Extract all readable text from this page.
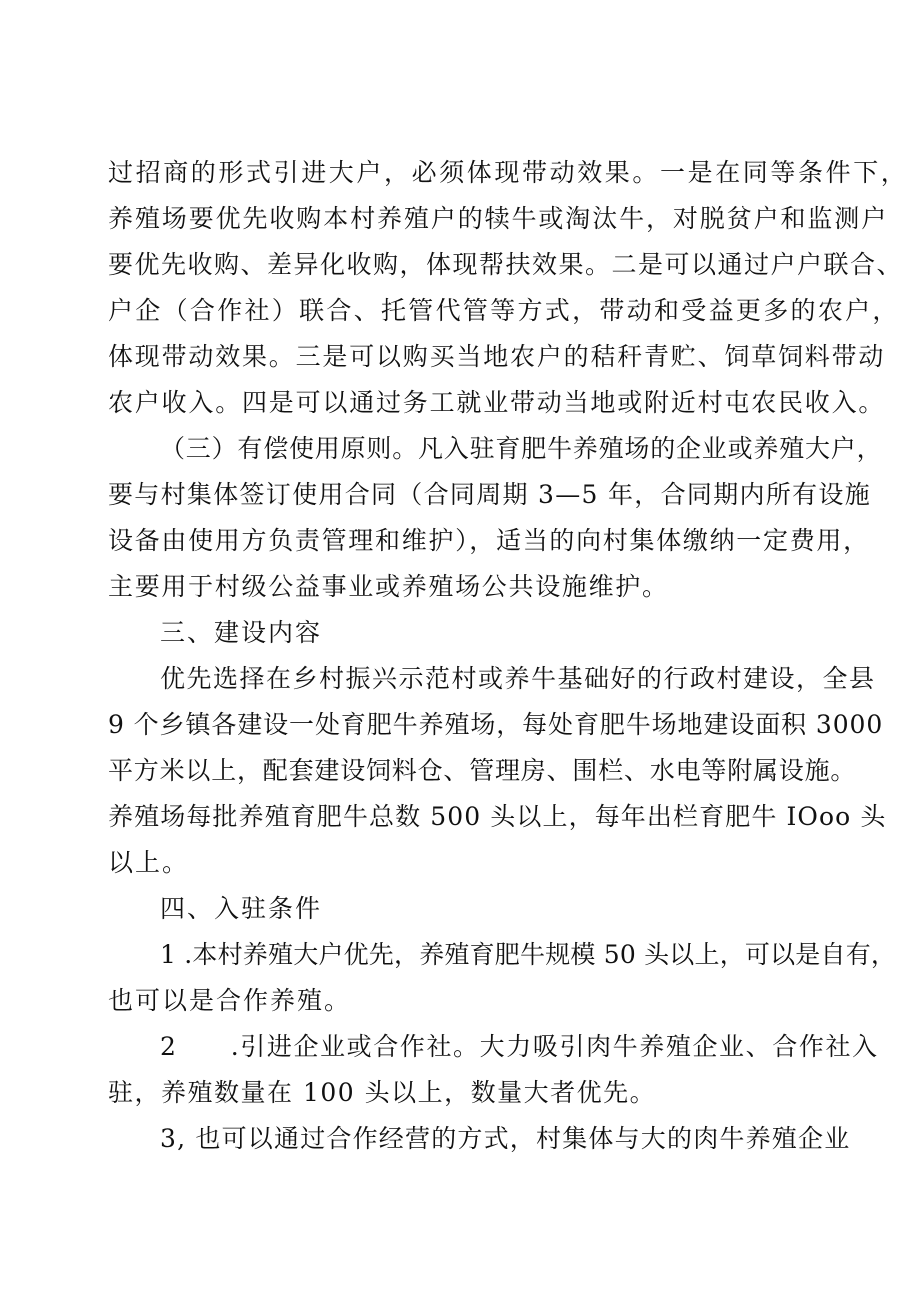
过招商的形式引进大户，必须体现带动效果。一是在同等条件下，
养殖场要优先收购本村养殖户的犊牛或淘汰牛，对脱贫户和监测户
要优先收购、差异化收购，体现帮扶效果。二是可以通过户户联合、
户企（合作社）联合、托管代管等方式，带动和受益更多的农户，
体现带动效果。三是可以购买当地农户的秸秆青贮、饲草饲料带动
农户收入。四是可以通过务工就业带动当地或附近村屯农民收入。
（三）有偿使用原则。凡入驻育肥牛养殖场的企业或养殖大户，
要与村集体签订使用合同（合同周期 3—5 年，合同期内所有设施
设备由使用方负责管理和维护），适当的向村集体缴纳一定费用，
主要用于村级公益事业或养殖场公共设施维护。
三、建设内容
优先选择在乡村振兴示范村或养牛基础好的行政村建设，全县
9 个乡镇各建设一处育肥牛养殖场，每处育肥牛场地建设面积 3000
平方米以上，配套建设饲料仓、管理房、围栏、水电等附属设施。
养殖场每批养殖育肥牛总数 500 头以上，每年出栏育肥牛 IOoo 头
以上。
四、入驻条件
1 .本村养殖大户优先，养殖育肥牛规模 50 头以上，可以是自有，
也可以是合作养殖。
2　　.引进企业或合作社。大力吸引肉牛养殖企业、合作社入
驻，养殖数量在 100 头以上，数量大者优先。
3, 也可以通过合作经营的方式，村集体与大的肉牛养殖企业
